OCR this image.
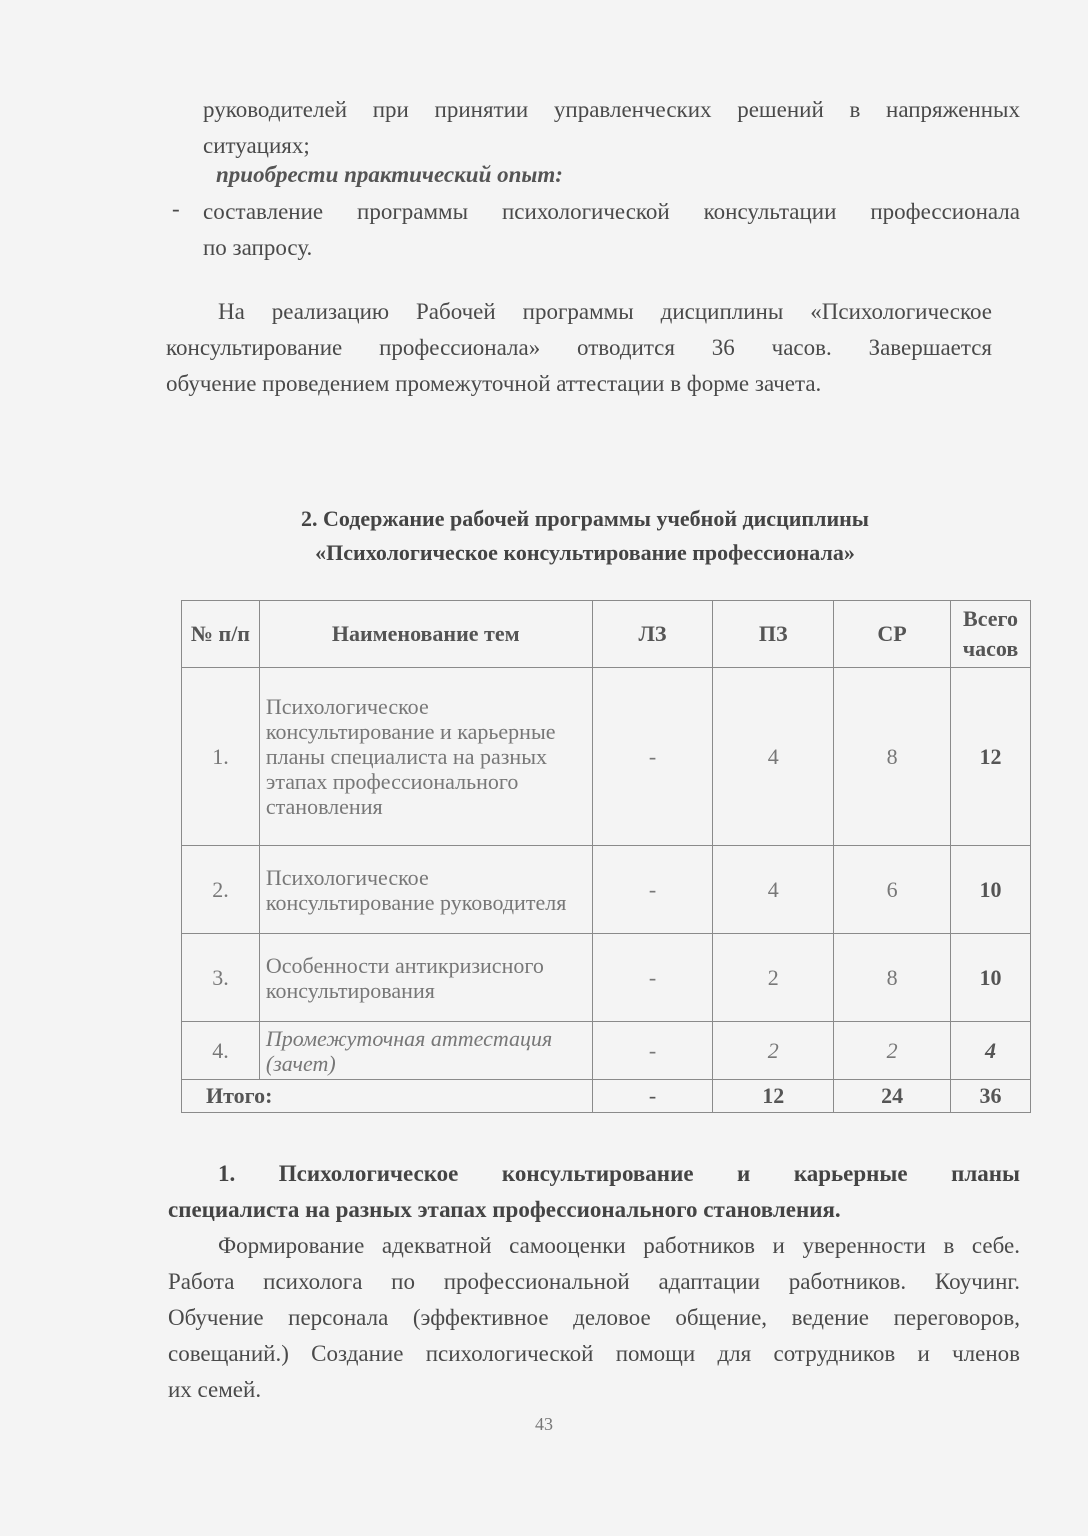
руководителей при принятии управленческих решений в напряженных
ситуациях;
приобрести практический опыт:
- составление программы психологической консультации профессионала
по запросу.
На реализацию Рабочей программы дисциплины «Психологическое
консультирование профессионала» отводится 36 часов. Завершается
обучение проведением промежуточной аттестации в форме зачета.
2. Содержание рабочей программы учебной дисциплины
«Психологическое консультирование профессионала»
№ п/п	Наименование тем	ЛЗ	ПЗ	СР	Всего часов
1.	Психологическое консультирование и карьерные планы специалиста на разных этапах профессионального становления	-	4	8	12
2.	Психологическое консультирование руководителя	-	4	6	10
3.	Особенности антикризисного консультирования	-	2	8	10
4.	Промежуточная аттестация (зачет)	-	2	2	4
Итого:		-	12	24	36
1. Психологическое консультирование и карьерные планы
специалиста на разных этапах профессионального становления.
Формирование адекватной самооценки работников и уверенности в себе.
Работа психолога по профессиональной адаптации работников. Коучинг.
Обучение персонала (эффективное деловое общение, ведение переговоров,
совещаний.) Создание психологической помощи для сотрудников и членов
их семей.
43
